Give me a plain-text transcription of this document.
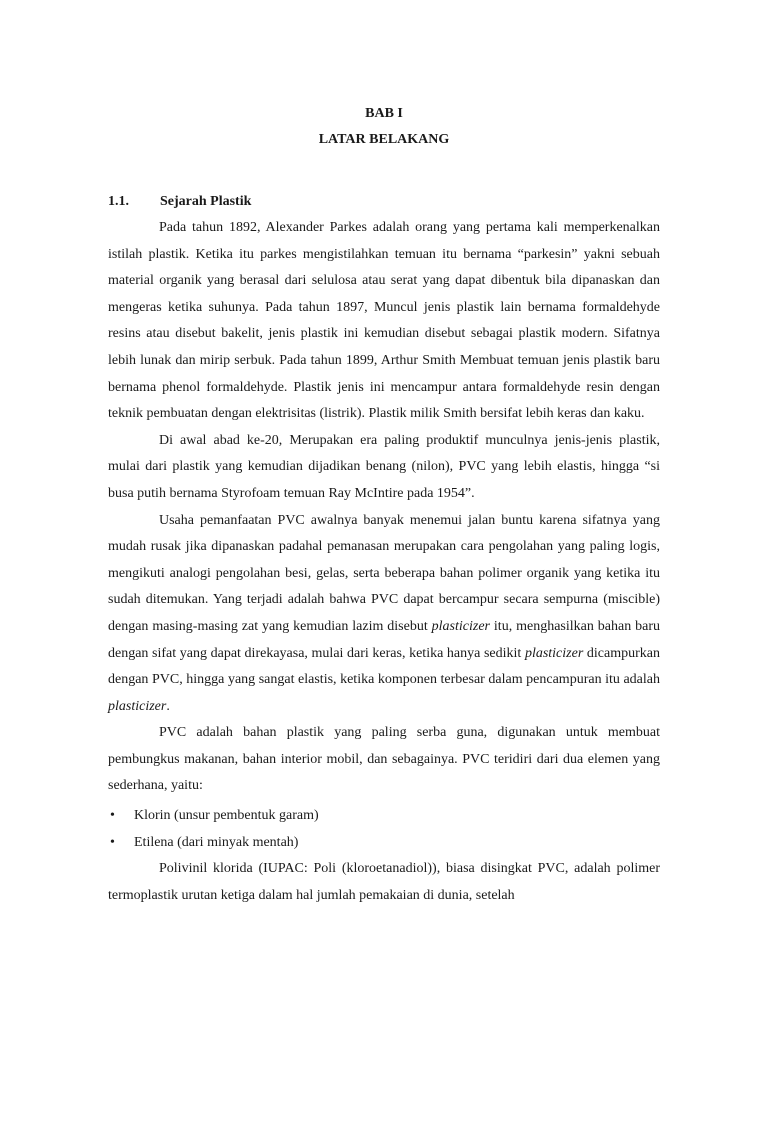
BAB I
LATAR BELAKANG
1.1.	Sejarah Plastik

Pada tahun 1892, Alexander Parkes adalah orang yang pertama kali memperkenalkan istilah plastik. Ketika itu parkes mengistilahkan temuan itu bernama “parkesin” yakni sebuah material organik yang berasal dari selulosa atau serat yang dapat dibentuk bila dipanaskan dan mengeras ketika suhunya. Pada tahun 1897, Muncul jenis plastik lain bernama formaldehyde resins atau disebut bakelit, jenis plastik ini kemudian disebut sebagai plastik modern. Sifatnya lebih lunak dan mirip serbuk. Pada tahun 1899, Arthur Smith Membuat temuan jenis plastik baru bernama phenol formaldehyde. Plastik jenis ini mencampur antara formaldehyde resin dengan teknik pembuatan dengan elektrisitas (listrik). Plastik milik Smith bersifat lebih keras dan kaku.

Di awal abad ke-20, Merupakan era paling produktif munculnya jenis-jenis plastik, mulai dari plastik yang kemudian dijadikan benang (nilon), PVC yang lebih elastis, hingga “si busa putih bernama Styrofoam temuan Ray McIntire pada 1954”.

Usaha pemanfaatan PVC awalnya banyak menemui jalan buntu karena sifatnya yang mudah rusak jika dipanaskan padahal pemanasan merupakan cara pengolahan yang paling logis, mengikuti analogi pengolahan besi, gelas, serta beberapa bahan polimer organik yang ketika itu sudah ditemukan. Yang terjadi adalah bahwa PVC dapat bercampur secara sempurna (miscible) dengan masing-masing zat yang kemudian lazim disebut plasticizer itu, menghasilkan bahan baru dengan sifat yang dapat direkayasa, mulai dari keras, ketika hanya sedikit plasticizer dicampurkan dengan PVC, hingga yang sangat elastis, ketika komponen terbesar dalam pencampuran itu adalah plasticizer.

PVC adalah bahan plastik yang paling serba guna, digunakan untuk membuat pembungkus makanan, bahan interior mobil, dan sebagainya. PVC teridiri dari dua elemen yang sederhana, yaitu:

• Klorin (unsur pembentuk garam)
• Etilena (dari minyak mentah)

Polivinil klorida (IUPAC: Poli (kloroetanadiol)), biasa disingkat PVC, adalah polimer termoplastik urutan ketiga dalam hal jumlah pemakaian di dunia, setelah
